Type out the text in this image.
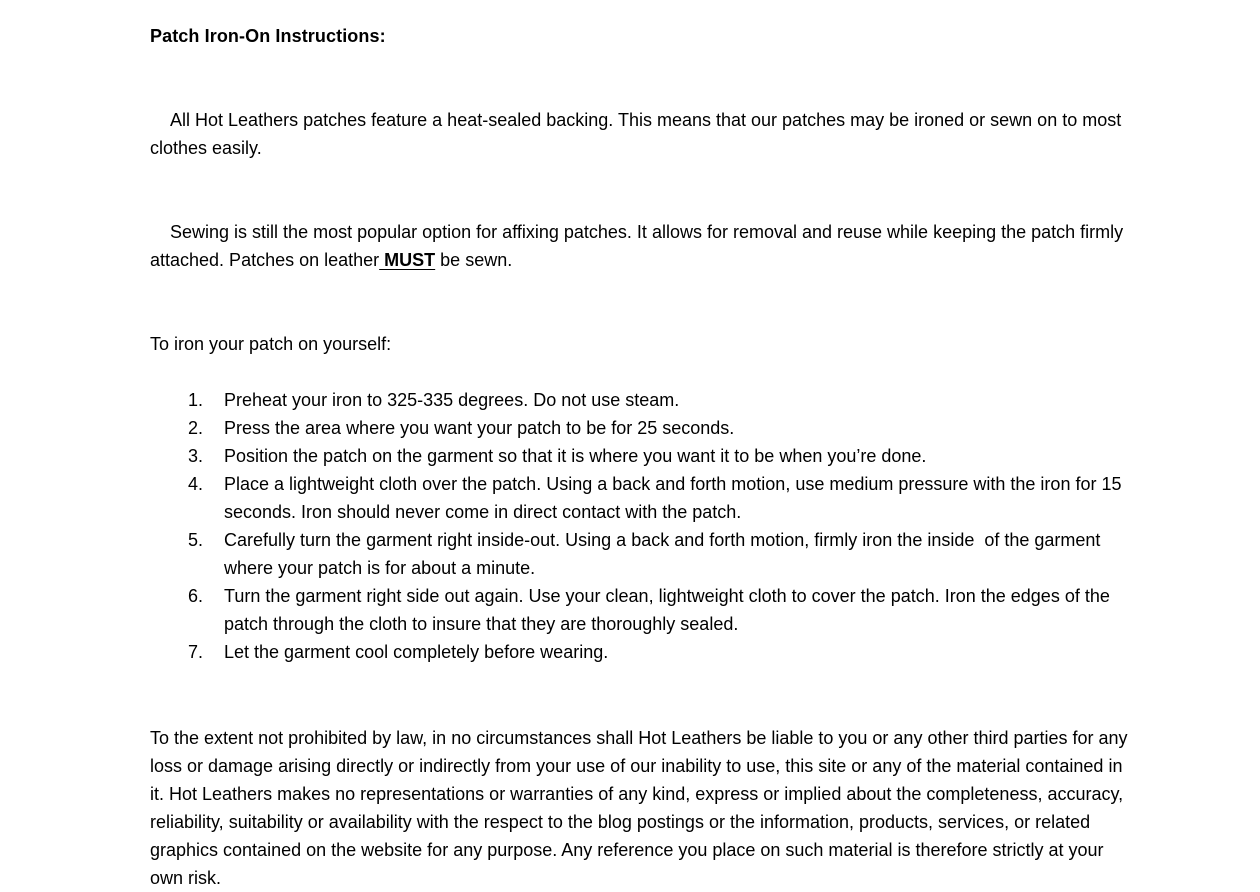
Patch Iron-On Instructions:

All Hot Leathers patches feature a heat-sealed backing. This means that our patches may be ironed or sewn on to most clothes easily.

Sewing is still the most popular option for affixing patches. It allows for removal and reuse while keeping the patch firmly attached. Patches on leather MUST be sewn.

To iron your patch on yourself:

1.	Preheat your iron to 325-335 degrees. Do not use steam.
2.	Press the area where you want your patch to be for 25 seconds.
3.	Position the patch on the garment so that it is where you want it to be when you’re done.
4.	Place a lightweight cloth over the patch. Using a back and forth motion, use medium pressure with the iron for 15 seconds. Iron should never come in direct contact with the patch.
5.	Carefully turn the garment right inside-out. Using a back and forth motion, firmly iron the inside  of the garment where your patch is for about a minute.
6.	Turn the garment right side out again. Use your clean, lightweight cloth to cover the patch. Iron the edges of the patch through the cloth to insure that they are thoroughly sealed.
7.	Let the garment cool completely before wearing.

To the extent not prohibited by law, in no circumstances shall Hot Leathers be liable to you or any other third parties for any loss or damage arising directly or indirectly from your use of our inability to use, this site or any of the material contained in it. Hot Leathers makes no representations or warranties of any kind, express or implied about the completeness, accuracy, reliability, suitability or availability with the respect to the blog postings or the information, products, services, or related graphics contained on the website for any purpose. Any reference you place on such material is therefore strictly at your own risk.
